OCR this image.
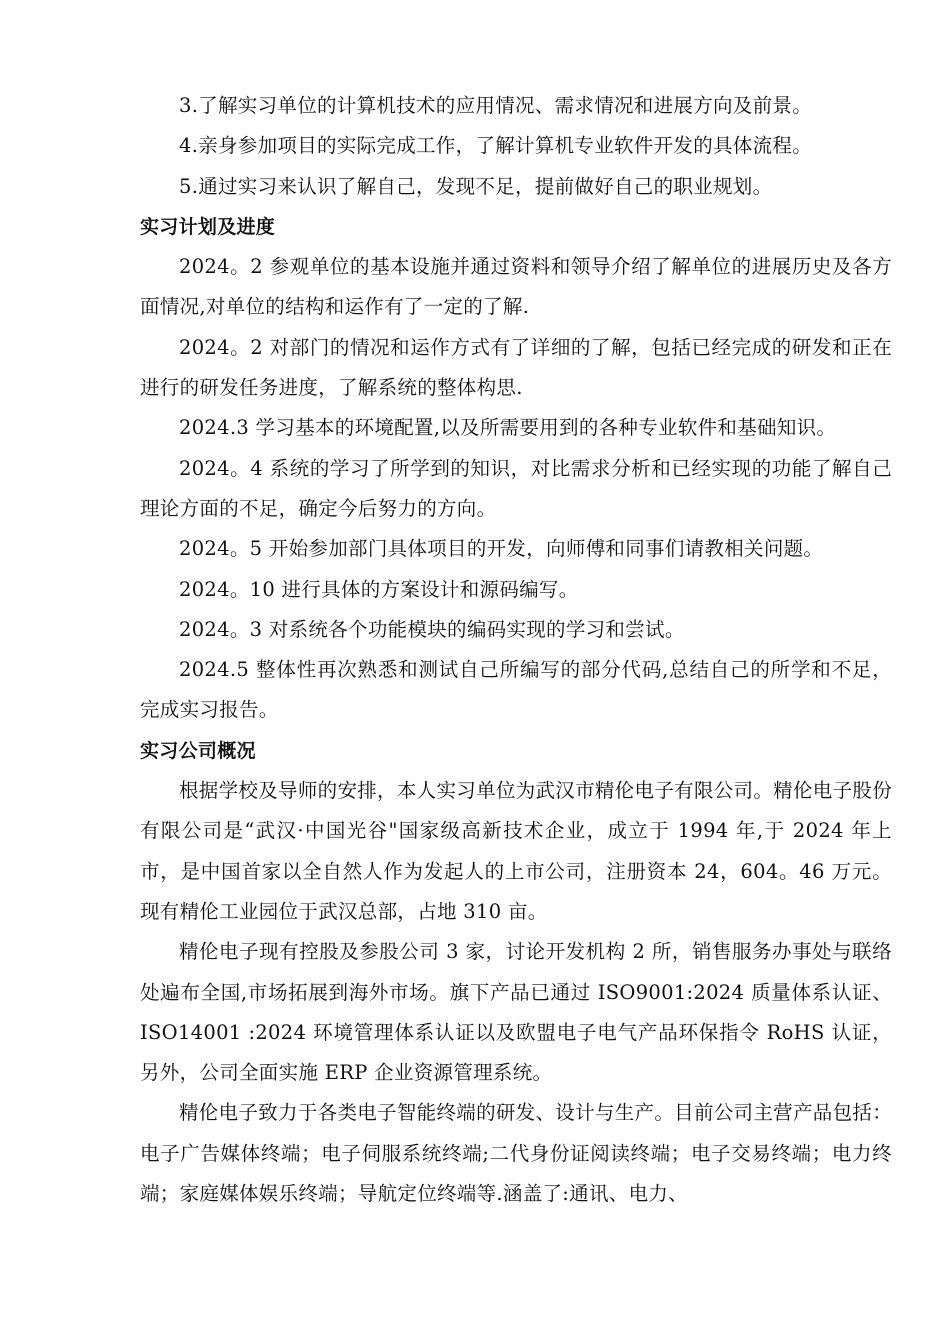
3.了解实习单位的计算机技术的应用情况、需求情况和进展方向及前景。

4.亲身参加项目的实际完成工作，了解计算机专业软件开发的具体流程。

5.通过实习来认识了解自己，发现不足，提前做好自己的职业规划。

实习计划及进度

2024。2 参观单位的基本设施并通过资料和领导介绍了解单位的进展历史及各方面情况,对单位的结构和运作有了一定的了解.

2024。2 对部门的情况和运作方式有了详细的了解，包括已经完成的研发和正在进行的研发任务进度，了解系统的整体构思.

2024.3 学习基本的环境配置,以及所需要用到的各种专业软件和基础知识。

2024。4 系统的学习了所学到的知识，对比需求分析和已经实现的功能了解自己理论方面的不足，确定今后努力的方向。

2024。5 开始参加部门具体项目的开发，向师傅和同事们请教相关问题。

2024。10 进行具体的方案设计和源码编写。

2024。3 对系统各个功能模块的编码实现的学习和尝试。

2024.5 整体性再次熟悉和测试自己所编写的部分代码,总结自己的所学和不足，完成实习报告。

实习公司概况

根据学校及导师的安排，本人实习单位为武汉市精伦电子有限公司。精伦电子股份有限公司是“武汉·中国光谷"国家级高新技术企业，成立于 1994 年,于 2024 年上市，是中国首家以全自然人作为发起人的上市公司，注册资本 24，604。46 万元。现有精伦工业园位于武汉总部，占地 310 亩。

精伦电子现有控股及参股公司 3 家，讨论开发机构 2 所，销售服务办事处与联络处遍布全国,市场拓展到海外市场。旗下产品已通过 ISO9001:2024 质量体系认证、 ISO14001 :2024 环境管理体系认证以及欧盟电子电气产品环保指令 RoHS 认证，另外，公司全面实施 ERP 企业资源管理系统。

精伦电子致力于各类电子智能终端的研发、设计与生产。目前公司主营产品包括：电子广告媒体终端；电子伺服系统终端;二代身份证阅读终端；电子交易终端；电力终端；家庭媒体娱乐终端；导航定位终端等.涵盖了:通讯、电力、
